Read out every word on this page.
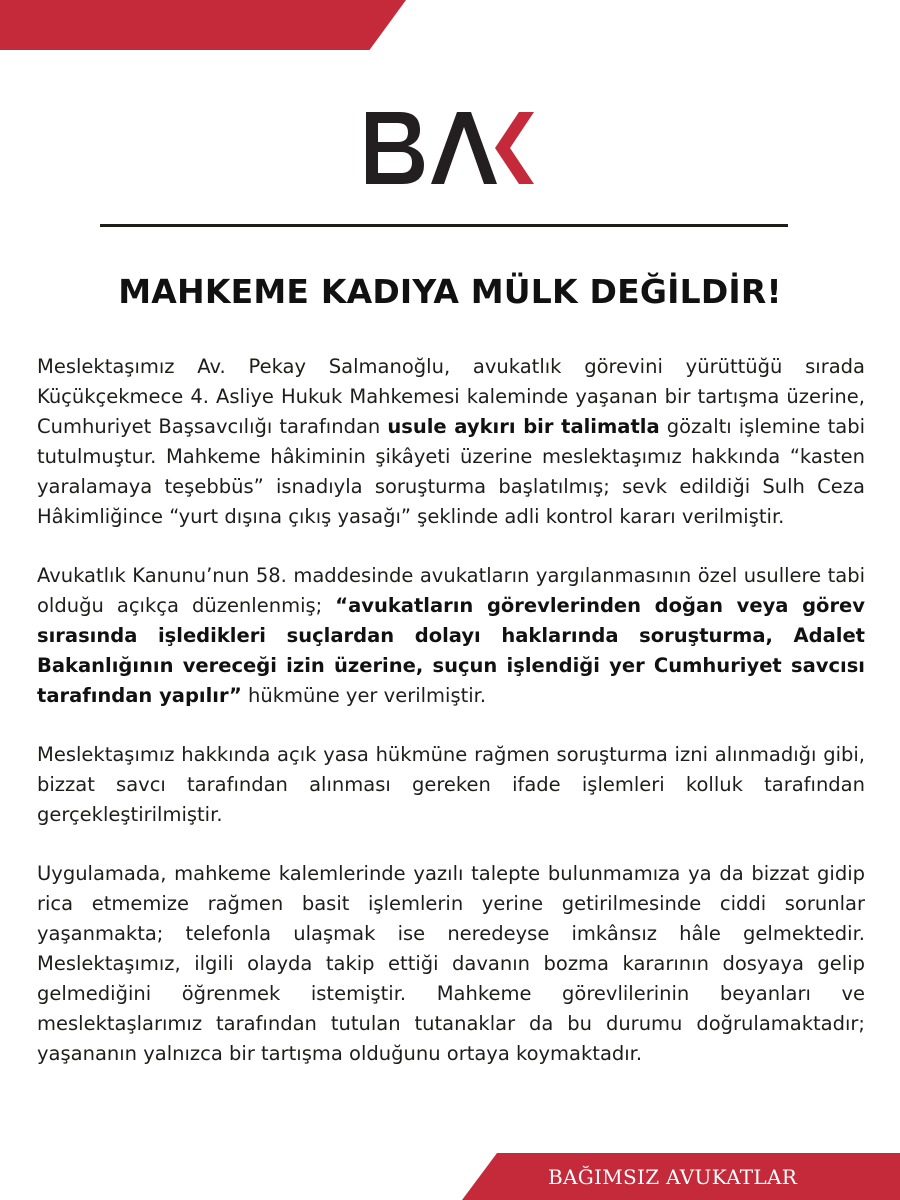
MAHKEME KADIYA MÜLK DEĞİLDİR!

Meslektaşımız Av. Pekay Salmanoğlu, avukatlık görevini yürüttüğü sırada Küçükçekmece 4. Asliye Hukuk Mahkemesi kaleminde yaşanan bir tartışma üzerine, Cumhuriyet Başsavcılığı tarafından usule aykırı bir talimatla gözaltı işlemine tabi tutulmuştur. Mahkeme hâkiminin şikâyeti üzerine meslektaşımız hakkında “kasten yaralamaya teşebbüs” isnadıyla soruşturma başlatılmış; sevk edildiği Sulh Ceza Hâkimliğince “yurt dışına çıkış yasağı” şeklinde adli kontrol kararı verilmiştir.

Avukatlık Kanunu’nun 58. maddesinde avukatların yargılanmasının özel usullere tabi olduğu açıkça düzenlenmiş; “avukatların görevlerinden doğan veya görev sırasında işledikleri suçlardan dolayı haklarında soruşturma, Adalet Bakanlığının vereceği izin üzerine, suçun işlendiği yer Cumhuriyet savcısı tarafından yapılır” hükmüne yer verilmiştir.

Meslektaşımız hakkında açık yasa hükmüne rağmen soruşturma izni alınmadığı gibi, bizzat savcı tarafından alınması gereken ifade işlemleri kolluk tarafından gerçekleştirilmiştir.

Uygulamada, mahkeme kalemlerinde yazılı talepte bulunmamıza ya da bizzat gidip rica etmemize rağmen basit işlemlerin yerine getirilmesinde ciddi sorunlar yaşanmakta; telefonla ulaşmak ise neredeyse imkânsız hâle gelmektedir. Meslektaşımız, ilgili olayda takip ettiği davanın bozma kararının dosyaya gelip gelmediğini öğrenmek istemiştir. Mahkeme görevlilerinin beyanları ve meslektaşlarımız tarafından tutulan tutanaklar da bu durumu doğrulamaktadır; yaşananın yalnızca bir tartışma olduğunu ortaya koymaktadır.

BAĞIMSIZ AVUKATLAR
